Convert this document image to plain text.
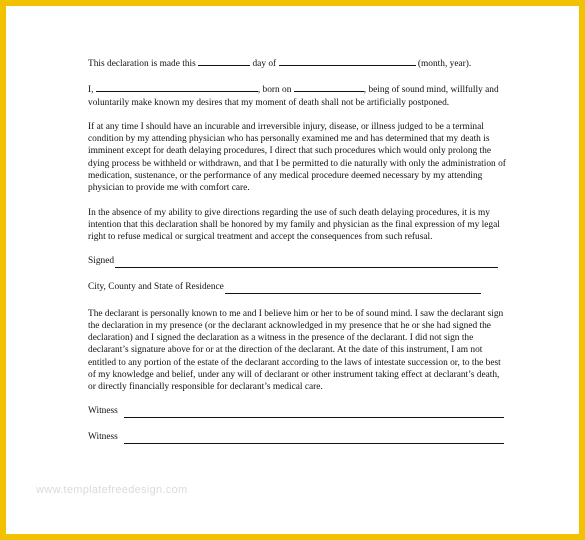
This declaration is made this	day of	(month, year).

I,	, born on	, being of sound mind, willfully and voluntarily make known my desires that my moment of death shall not be artificially postponed.

If at any time I should have an incurable and irreversible injury, disease, or illness judged to be a terminal condition by my attending physician who has personally examined me and has determined that my death is imminent except for death delaying procedures, I direct that such procedures which would only prolong the dying process be withheld or withdrawn, and that I be permitted to die naturally with only the administration of medication, sustenance, or the performance of any medical procedure deemed necessary by my attending physician to provide me with comfort care.

In the absence of my ability to give directions regarding the use of such death delaying procedures, it is my intention that this declaration shall be honored by my family and physician as the final expression of my legal right to refuse medical or surgical treatment and accept the consequences from such refusal.

Signed
City, County and State of Residence

The declarant is personally known to me and I believe him or her to be of sound mind. I saw the declarant sign the declaration in my presence (or the declarant acknowledged in my presence that he or she had signed the declaration) and I signed the declaration as a witness in the presence of the declarant. I did not sign the declarant’s signature above for or at the direction of the declarant. At the date of this instrument, I am not entitled to any portion of the estate of the declarant according to the laws of intestate succession or, to the best of my knowledge and belief, under any will of declarant or other instrument taking effect at declarant’s death, or directly financially responsible for declarant’s medical care.

Witness
Witness
www.templatefreedesign.com
